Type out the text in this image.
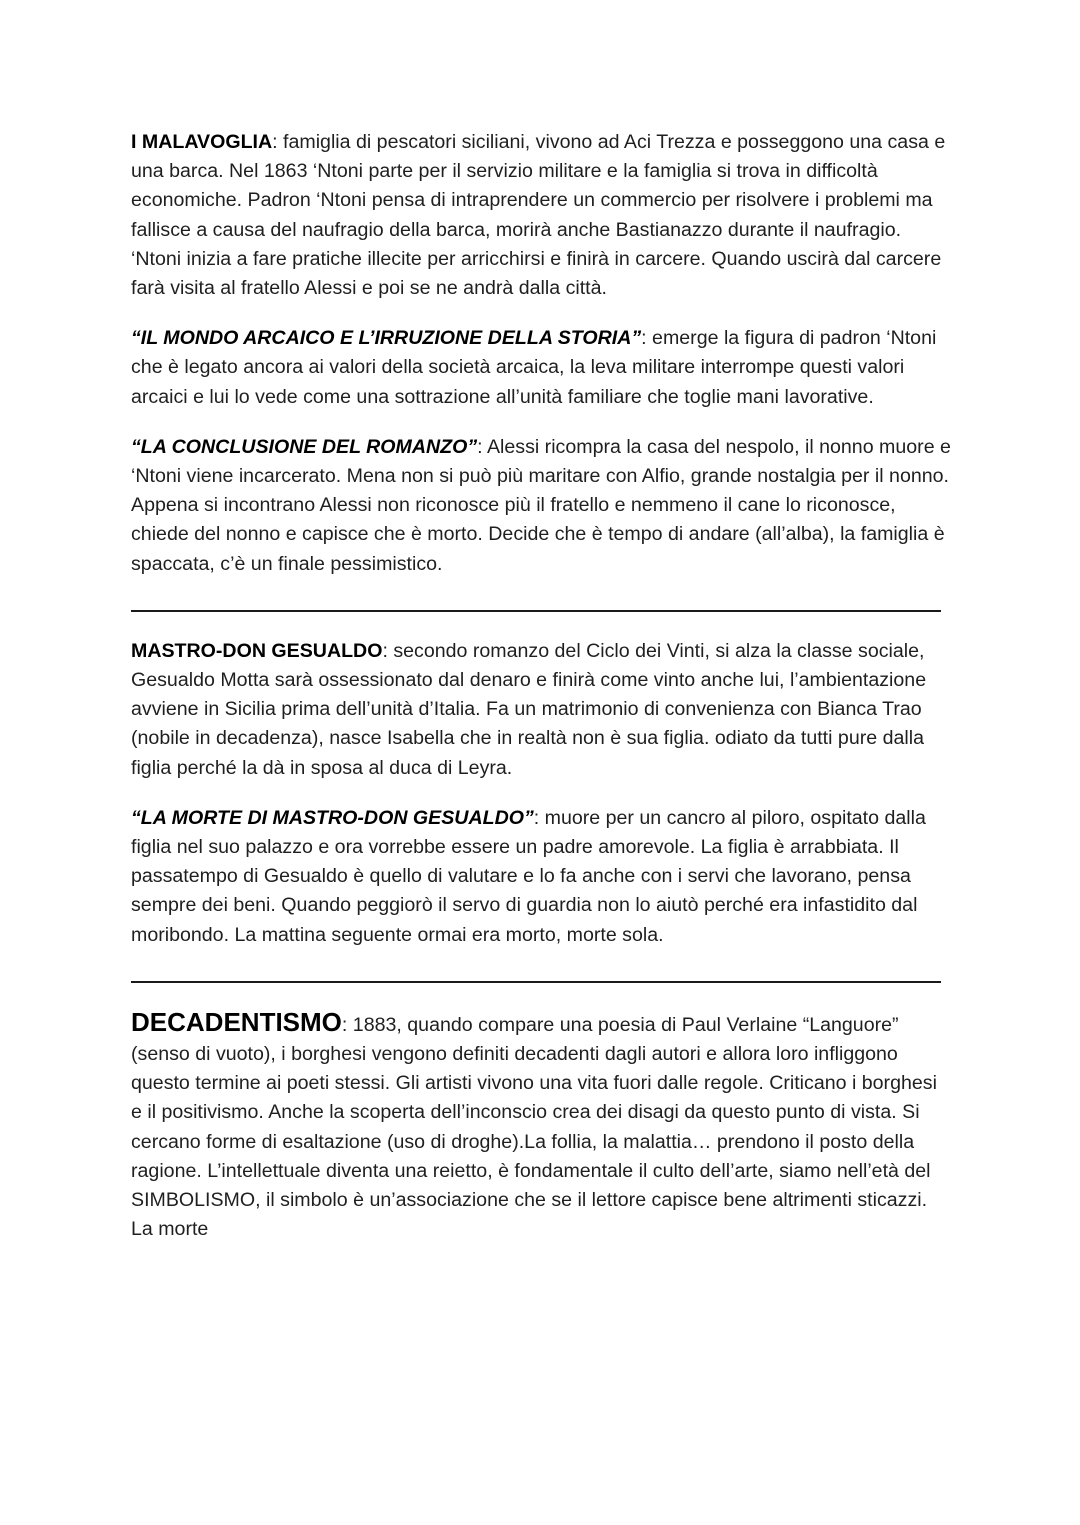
I MALAVOGLIA: famiglia di pescatori siciliani, vivono ad Aci Trezza e posseggono una casa e una barca. Nel 1863 ‘Ntoni parte per il servizio militare e la famiglia si trova in difficoltà economiche. Padron ‘Ntoni pensa di intraprendere un commercio per risolvere i problemi ma fallisce a causa del naufragio della barca, morirà anche Bastianazzo durante il naufragio. ‘Ntoni inizia a fare pratiche illecite per arricchirsi e finirà in carcere. Quando uscirà dal carcere farà visita al fratello Alessi e poi se ne andrà dalla città.

“IL MONDO ARCAICO E L’IRRUZIONE DELLA STORIA”: emerge la figura di padron ‘Ntoni che è legato ancora ai valori della società arcaica, la leva militare interrompe questi valori arcaici e lui lo vede come una sottrazione all’unità familiare che toglie mani lavorative.

“LA CONCLUSIONE DEL ROMANZO”: Alessi ricompra la casa del nespolo, il nonno muore e ‘Ntoni viene incarcerato. Mena non si può più maritare con Alfio, grande nostalgia per il nonno. Appena si incontrano Alessi non riconosce più il fratello e nemmeno il cane lo riconosce, chiede del nonno e capisce che è morto. Decide che è tempo di andare (all’alba), la famiglia è spaccata, c’è un finale pessimistico.

MASTRO-DON GESUALDO: secondo romanzo del Ciclo dei Vinti, si alza la classe sociale, Gesualdo Motta sarà ossessionato dal denaro e finirà come vinto anche lui, l’ambientazione avviene in Sicilia prima dell’unità d’Italia. Fa un matrimonio di convenienza con Bianca Trao (nobile in decadenza), nasce Isabella che in realtà non è sua figlia. odiato da tutti pure dalla figlia perché la dà in sposa al duca di Leyra.

“LA MORTE DI MASTRO-DON GESUALDO”: muore per un cancro al piloro, ospitato dalla figlia nel suo palazzo e ora vorrebbe essere un padre amorevole. La figlia è arrabbiata. Il passatempo di Gesualdo è quello di valutare e lo fa anche con i servi che lavorano, pensa sempre dei beni. Quando peggiorò il servo di guardia non lo aiutò perché era infastidito dal moribondo. La mattina seguente ormai era morto, morte sola.

DECADENTISMO: 1883, quando compare una poesia di Paul Verlaine “Languore” (senso di vuoto), i borghesi vengono definiti decadenti dagli autori e allora loro infliggono questo termine ai poeti stessi. Gli artisti vivono una vita fuori dalle regole. Criticano i borghesi e il positivismo. Anche la scoperta dell’inconscio crea dei disagi da questo punto di vista. Si cercano forme di esaltazione (uso di droghe).La follia, la malattia… prendono il posto della ragione. L’intellettuale diventa una reietto, è fondamentale il culto dell’arte, siamo nell’età del SIMBOLISMO, il simbolo è un’associazione che se il lettore capisce bene altrimenti sticazzi. La morte
